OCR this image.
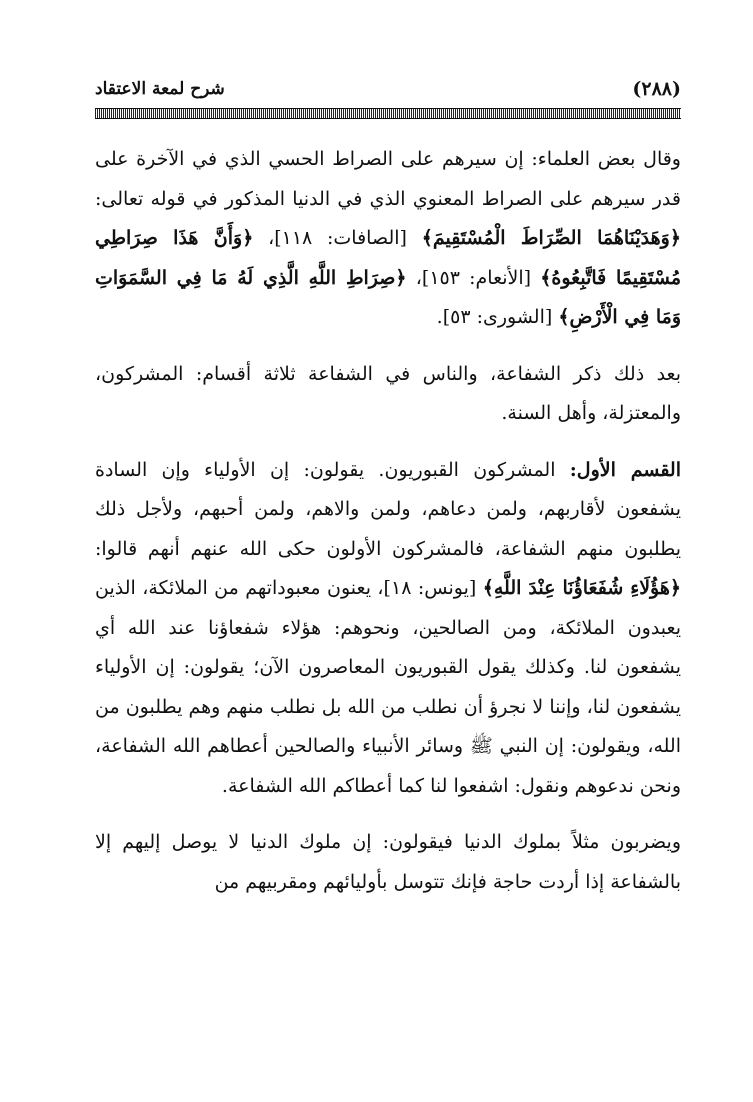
شرح لمعة الاعتقاد	(٢٨٨)

وقال بعض العلماء: إن سيرهم على الصراط الحسي الذي في الآخرة على قدر سيرهم على الصراط المعنوي الذي في الدنيا المذكور في قوله تعالى: ﴿وَهَدَيْنَاهُمَا الصِّرَاطَ الْمُسْتَقِيمَ﴾ [الصافات: ١١٨]، ﴿وَأَنَّ هَذَا صِرَاطِي مُسْتَقِيمًا فَاتَّبِعُوهُ﴾ [الأنعام: ١٥٣]، ﴿صِرَاطِ اللَّهِ الَّذِي لَهُ مَا فِي السَّمَوَاتِ وَمَا فِي الْأَرْضِ﴾ [الشورى: ٥٣].

بعد ذلك ذكر الشفاعة، والناس في الشفاعة ثلاثة أقسام: المشركون، والمعتزلة، وأهل السنة.

القسم الأول: المشركون القبوريون. يقولون: إن الأولياء وإن السادة يشفعون لأقاربهم، ولمن دعاهم، ولمن والاهم، ولمن أحبهم، ولأجل ذلك يطلبون منهم الشفاعة، فالمشركون الأولون حكى الله عنهم أنهم قالوا: ﴿هَؤُلَاءِ شُفَعَاؤُنَا عِنْدَ اللَّهِ﴾ [يونس: ١٨]، يعنون معبوداتهم من الملائكة، الذين يعبدون الملائكة، ومن الصالحين، ونحوهم: هؤلاء شفعاؤنا عند الله أي يشفعون لنا. وكذلك يقول القبوريون المعاصرون الآن؛ يقولون: إن الأولياء يشفعون لنا، وإننا لا نجرؤ أن نطلب من الله بل نطلب منهم وهم يطلبون من الله، ويقولون: إن النبي ﷺ وسائر الأنبياء والصالحين أعطاهم الله الشفاعة، ونحن ندعوهم ونقول: اشفعوا لنا كما أعطاكم الله الشفاعة.

ويضربون مثلاً بملوك الدنيا فيقولون: إن ملوك الدنيا لا يوصل إليهم إلا بالشفاعة إذا أردت حاجة فإنك تتوسل بأوليائهم ومقربيهم من
